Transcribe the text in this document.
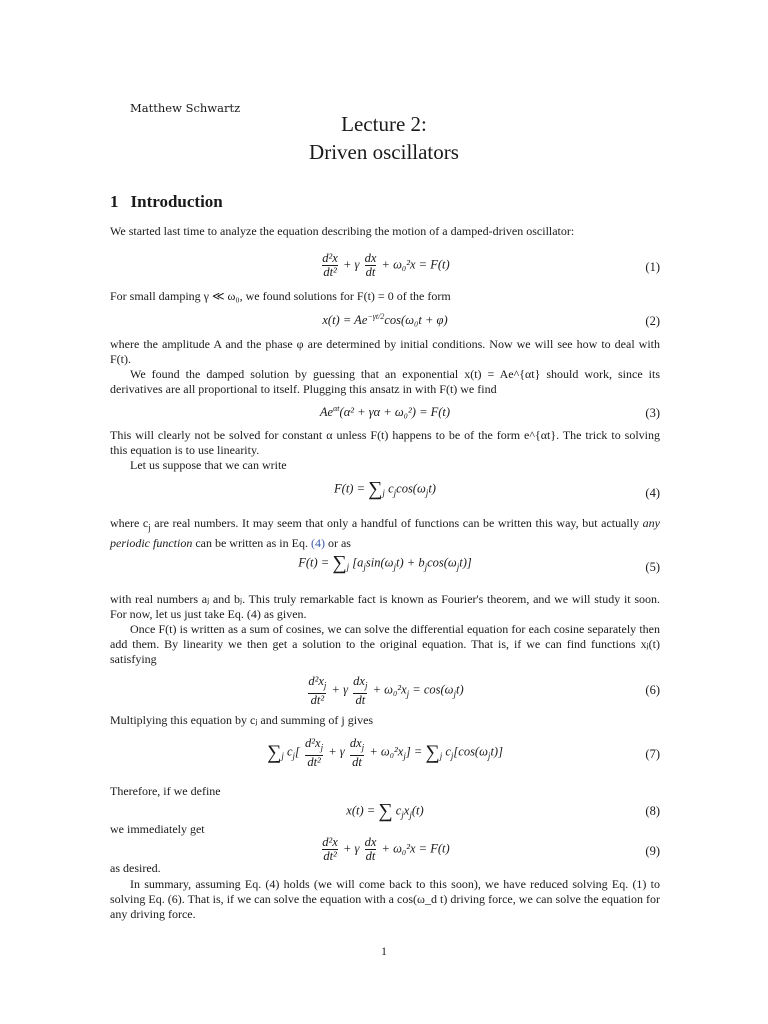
Matthew Schwartz
Lecture 2:
Driven oscillators
1 Introduction
We started last time to analyze the equation describing the motion of a damped-driven oscillator:
$\frac{\text{d²x}}{\text{dt²}} + \gamma \frac{dx}{dt} + \omega_0^2x = F(t)$	(1)
For small damping γ ≪ ω₀, we found solutions for F(t) = 0 of the form
$x(t) = Ae^{-\gamma t/2}\cos(\omega_0t + \varphi)$	(2)
where the amplitude A and the phase φ are determined by initial conditions. Now we will see how to deal with F(t).
We found the damped solution by guessing that an exponential x(t) = Ae^{αt} should work, since its derivatives are all proportional to itself. Plugging this ansatz in with F(t) we find
$Ae^{\alpha t}(\alpha^2 + \gamma\alpha + \omega_0^2) = F(t)$	(3)
This will clearly not be solved for constant α unless F(t) happens to be of the form e^{αt}. The trick to solving this equation is to use linearity.
Let us suppose that we can write
$F(t) = \sum_j$ $c_j\cos(\omega_jt)$	(4)
where $c_j$ are real numbers. It may seem that only a handful of functions can be written this way, but actually any periodic function can be written as in Eq. (4) or as
$F(t) = \sum_j$ $[a_j\sin(\omega_jt) + b_j\cos(\omega_jt)]$	(5)
with real numbers aⱼ and bⱼ. This truly remarkable fact is known as Fourier's theorem, and we will study it soon. For now, let us just take Eq. (4) as given.
Once F(t) is written as a sum of cosines, we can solve the differential equation for each cosine separately then add them. By linearity we then get a solution to the original equation. That is, if we can find functions xⱼ(t) satisfying
$\frac{d^2x_j}{\text{dt²}} + \gamma \frac{dx_j}{dt} + \omega_0^2x_j = \cos(\omega_jt)$	(6)
Multiplying this equation by cⱼ and summing of j gives
$\sum_j$ $c_j[ \frac{d^2x_j}{\text{dt²}} + \gamma \frac{dx_j}{dt} + \omega_0^2x_j] = \sum_j$ $c_j[\cos(\omega_jt)]$	(7)
Therefore, if we define
x(t) = ∑ $c_jx_j(t)$	(8)
we immediately get
$\frac{\text{d²x}}{\text{dt²}} + \gamma \frac{dx}{dt} + \omega_0^2x = F(t)$	(9)
as desired.
In summary, assuming Eq. (4) holds (we will come back to this soon), we have reduced solving Eq. (1) to solving Eq. (6). That is, if we can solve the equation with a cos(ω_d t) driving force, we can solve the equation for any driving force.
1
